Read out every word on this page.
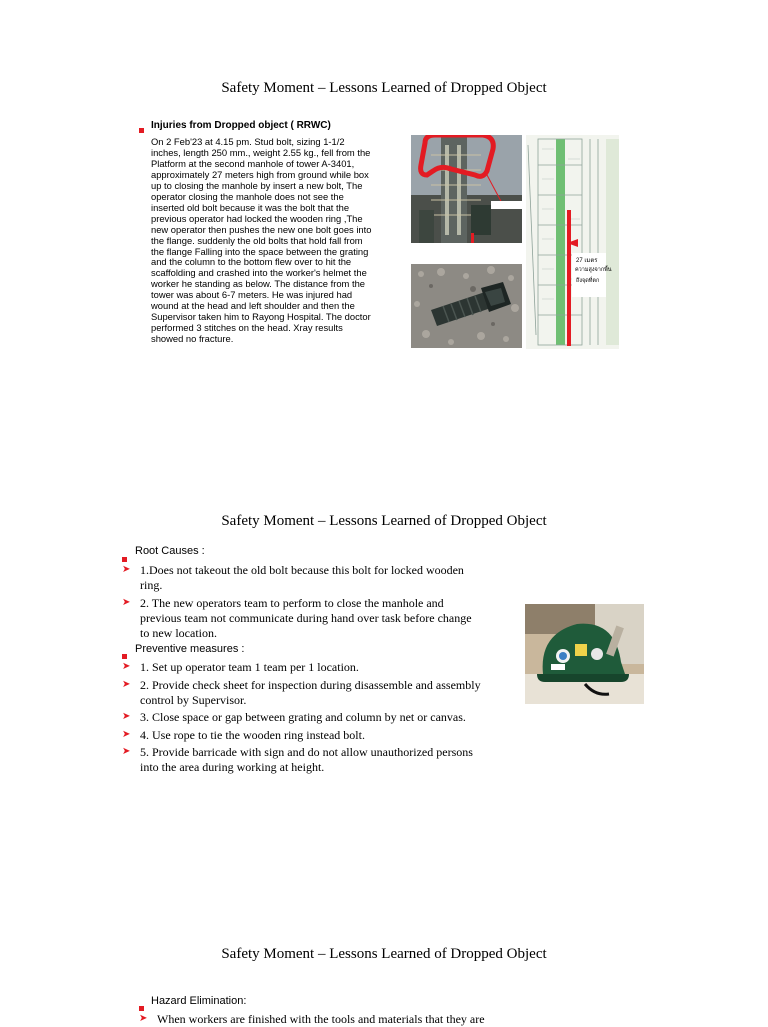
Safety Moment – Lessons Learned of Dropped Object
Injuries from Dropped object ( RRWC)
On 2 Feb'23 at 4.15 pm. Stud bolt, sizing 1-1/2
inches, length 250 mm., weight 2.55 kg., fell from the
Platform at the second manhole of tower A-3401,
approximately 27 meters high from ground while box
up to closing the manhole by insert a new bolt, The
operator closing the manhole does not see the
inserted old bolt because it was the bolt that the
previous operator had locked the wooden ring ,The
new operator then pushes the new one bolt goes into
the flange. suddenly the old bolts that hold fall from
the flange Falling into the space between the grating
and the column to the bottom flew over to hit the
scaffolding and crashed into the worker's helmet the
worker he standing as below. The distance from the
tower was about 6-7 meters. He was injured had
wound at the head and left shoulder and then the
Supervisor taken him to Rayong Hospital. The doctor
performed 3 stitches on the head. Xray results
showed no fracture.
27 เมตร
ความสูงจากพื้น
ถึงจุดที่ตก
Safety Moment – Lessons Learned of Dropped Object
Root Causes :
➤ 1.Does not takeout the old bolt because this bolt for locked wooden
ring.
➤ 2. The new operators team to perform to close the manhole and
previous team not communicate during hand over task before change
to new location.
Preventive measures :
➤ 1. Set up operator team 1 team per 1 location.
➤ 2. Provide check sheet for inspection during disassemble and assembly
control by Supervisor.
➤ 3. Close space or gap between grating and column by net or canvas.
➤ 4. Use rope to tie the wooden ring instead bolt.
➤ 5. Provide barricade with sign and do not allow unauthorized persons
into the area during working at height.
Safety Moment – Lessons Learned of Dropped Object
Hazard Elimination:
➤ When workers are finished with the tools and materials that they are
